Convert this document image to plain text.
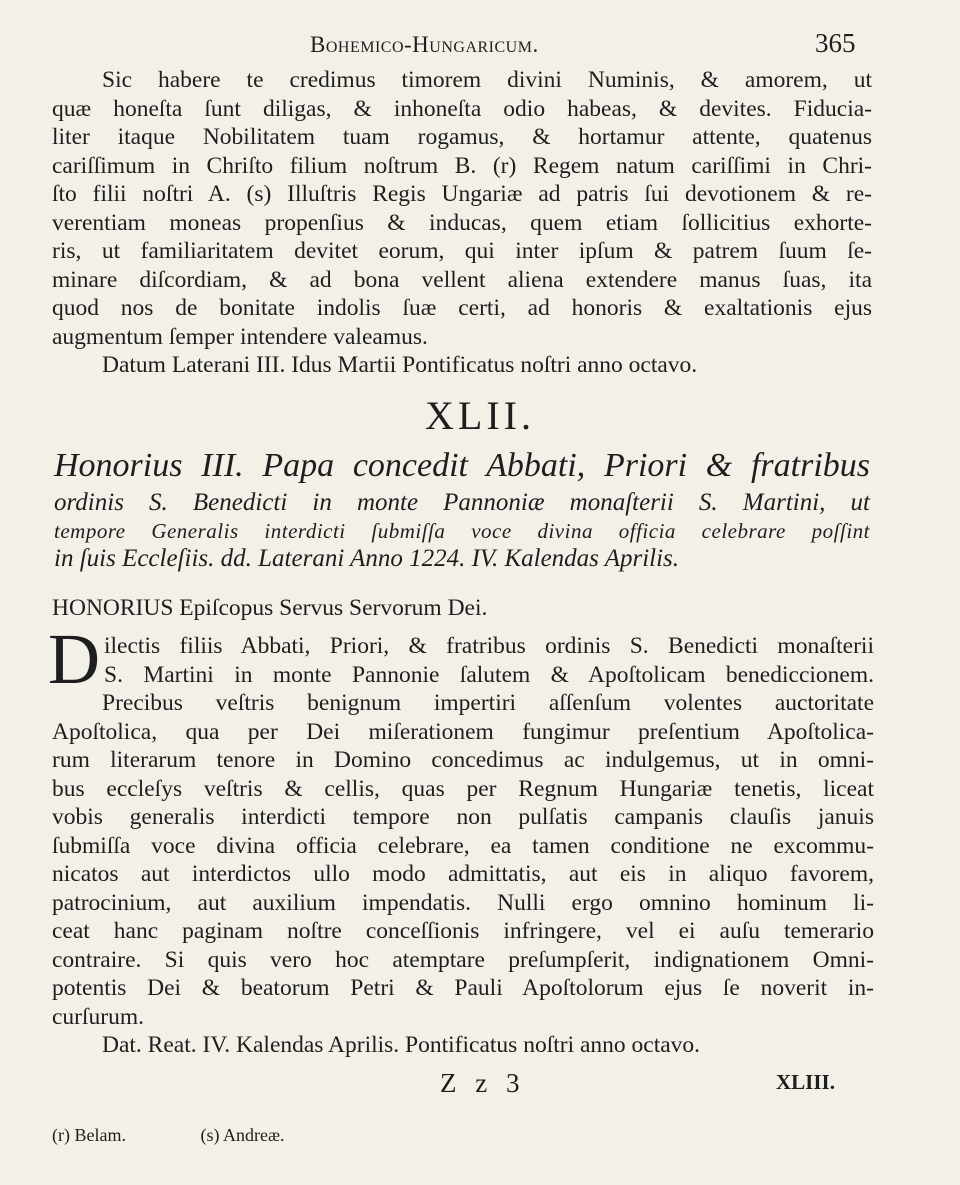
Bohemico-Hungaricum.	365
Sic habere te credimus timorem divini Numinis, & amorem, ut
quæ honeſta ſunt diligas, & inhoneſta odio habeas, & devites. Fiducia-
liter itaque Nobilitatem tuam rogamus, & hortamur attente, quatenus
cariſſimum in Chriſto filium noſtrum B. (r) Regem natum cariſſimi in Chri-
ſto filii noſtri A. (s) Illuſtris Regis Ungariæ ad patris ſui devotionem & re-
verentiam moneas propenſius & inducas, quem etiam ſollicitius exhorte-
ris, ut familiaritatem devitet eorum, qui inter ipſum & patrem ſuum ſe-
minare diſcordiam, & ad bona vellent aliena extendere manus ſuas, ita
quod nos de bonitate indolis ſuæ certi, ad honoris & exaltationis ejus
augmentum ſemper intendere valeamus.
Datum Laterani III. Idus Martii Pontificatus noſtri anno octavo.
XLII.
Honorius III. Papa concedit Abbati, Priori & fratribus
ordinis S. Benedicti in monte Pannoniæ monaſterii S. Martini, ut
tempore Generalis interdicti ſubmiſſa voce divina officia celebrare poſſint
in ſuis Eccleſiis. dd. Laterani Anno 1224. IV. Kalendas Aprilis.
HONORIUS Epiſcopus Servus Servorum Dei.
D ilectis filiis Abbati, Priori, & fratribus ordinis S. Benedicti monaſterii
S. Martini in monte Pannonie ſalutem & Apoſtolicam benediccionem.
Precibus veſtris benignum impertiri aſſenſum volentes auctoritate
Apoſtolica, qua per Dei miſerationem fungimur preſentium Apoſtolica-
rum literarum tenore in Domino concedimus ac indulgemus, ut in omni-
bus eccleſys veſtris & cellis, quas per Regnum Hungariæ tenetis, liceat
vobis generalis interdicti tempore non pulſatis campanis clauſis januis
ſubmiſſa voce divina officia celebrare, ea tamen conditione ne excommu-
nicatos aut interdictos ullo modo admittatis, aut eis in aliquo favorem,
patrocinium, aut auxilium impendatis. Nulli ergo omnino hominum li-
ceat hanc paginam noſtre conceſſionis infringere, vel ei auſu temerario
contraire. Si quis vero hoc atemptare preſumpſerit, indignationem Omni-
potentis Dei & beatorum Petri & Pauli Apoſtolorum ejus ſe noverit in-
curſurum.
Dat. Reat. IV. Kalendas Aprilis. Pontificatus noſtri anno octavo.
Z z 3	XLIII.
(r) Belam.	(s) Andreæ.
